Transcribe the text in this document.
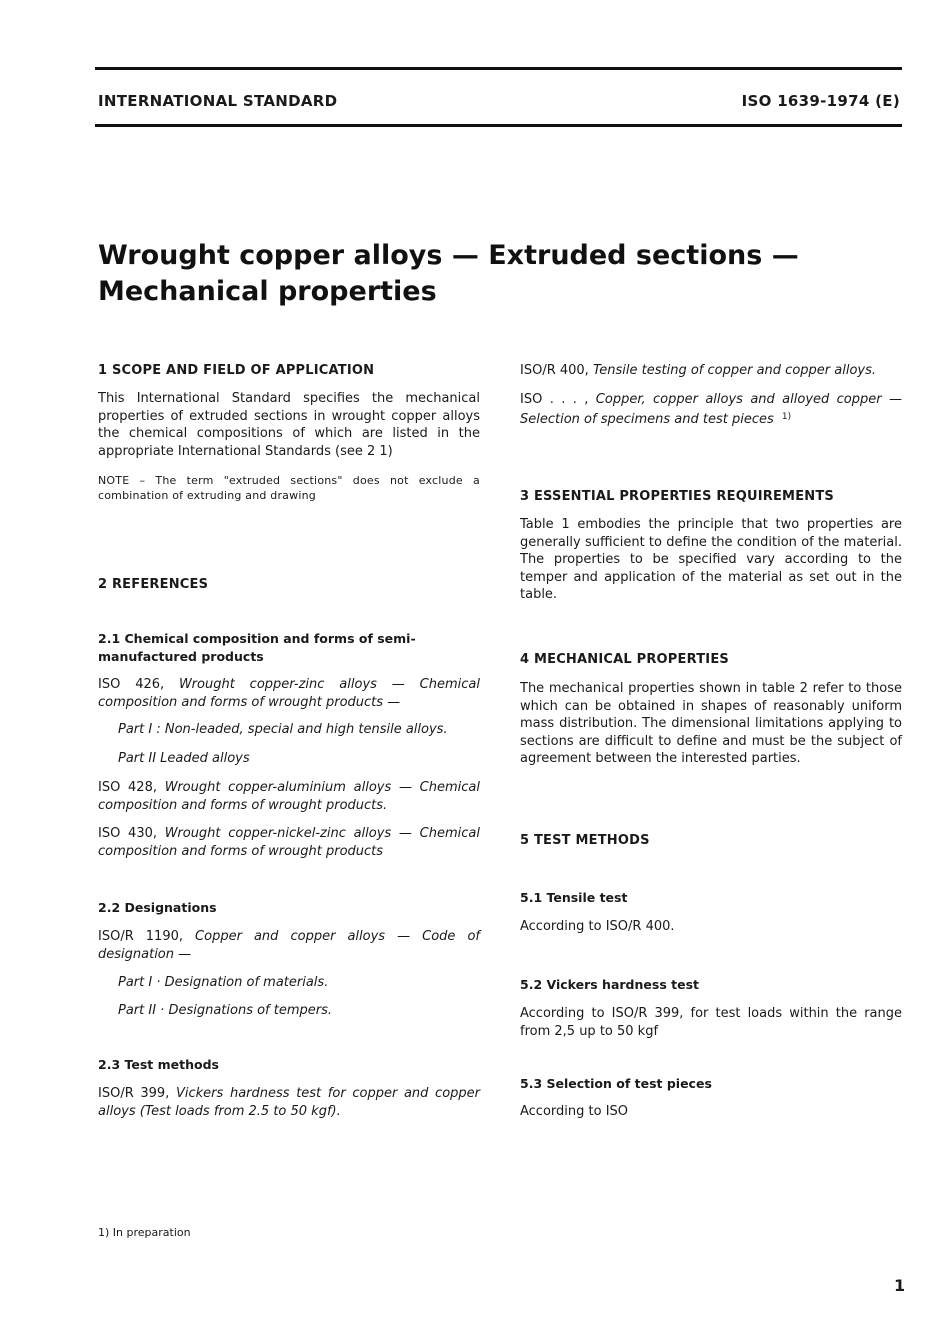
INTERNATIONAL STANDARD	ISO 1639-1974 (E)
Wrought copper alloys — Extruded sections — Mechanical properties
1 SCOPE AND FIELD OF APPLICATION
This International Standard specifies the mechanical properties of extruded sections in wrought copper alloys the chemical compositions of which are listed in the appropriate International Standards (see 2 1)
NOTE – The term "extruded sections" does not exclude a combination of extruding and drawing
2 REFERENCES
2.1 Chemical composition and forms of semi-manufactured products
ISO 426, Wrought copper-zinc alloys — Chemical composition and forms of wrought products —
Part I : Non-leaded, special and high tensile alloys.
Part II Leaded alloys
ISO 428, Wrought copper-aluminium alloys — Chemical composition and forms of wrought products.
ISO 430, Wrought copper-nickel-zinc alloys — Chemical composition and forms of wrought products
2.2 Designations
ISO/R 1190, Copper and copper alloys — Code of designation —
Part I · Designation of materials.
Part II · Designations of tempers.
2.3 Test methods
ISO/R 399, Vickers hardness test for copper and copper alloys (Test loads from 2.5 to 50 kgf).
ISO/R 400, Tensile testing of copper and copper alloys.
ISO . . . , Copper, copper alloys and alloyed copper — Selection of specimens and test pieces $^{1)}$
3 ESSENTIAL PROPERTIES REQUIREMENTS
Table 1 embodies the principle that two properties are generally sufficient to define the condition of the material. The properties to be specified vary according to the temper and application of the material as set out in the table.
4 MECHANICAL PROPERTIES
The mechanical properties shown in table 2 refer to those which can be obtained in shapes of reasonably uniform mass distribution. The dimensional limitations applying to sections are difficult to define and must be the subject of agreement between the interested parties.
5 TEST METHODS
5.1 Tensile test
According to ISO/R 400.
5.2 Vickers hardness test
According to ISO/R 399, for test loads within the range from 2,5 up to 50 kgf
5.3 Selection of test pieces
According to ISO
1) In preparation
1
